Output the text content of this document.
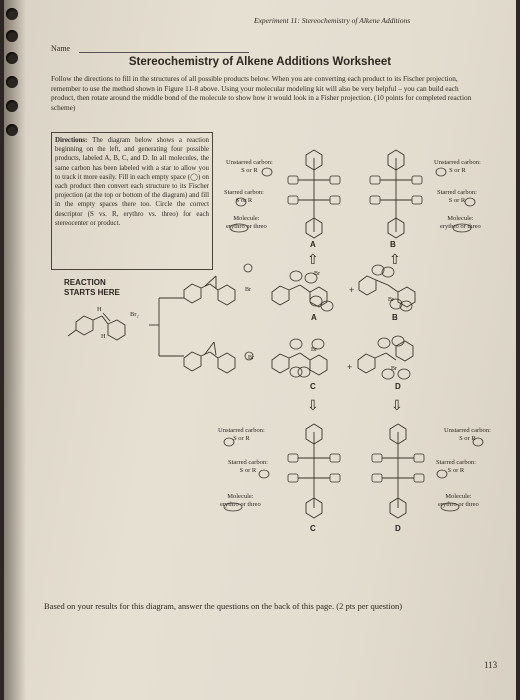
Experiment 11: Stereochemistry of Alkene Additions
Name
Stereochemistry of Alkene Additions Worksheet
Follow the directions to fill in the structures of all possible products below. When you are converting each product to its Fischer projection, remember to use the method shown in Figure 11-8 above. Using your molecular modeling kit will also be very helpful – you can build each product, then rotate around the middle bond of the molecule to show how it would look in a Fisher projection. (10 points for completed reaction scheme)
Directions: The diagram below shows a reaction beginning on the left, and generating four possible products, labeled A, B, C, and D. In all molecules, the same carbon has been labeled with a star to allow you to track it more easily. Fill in each empty space (◯) on each product then convert each structure to its Fischer projection (at the top or bottom of the diagram) and fill in the empty spaces there too. Circle the correct descriptor (S vs. R, erythro vs. threo) for each stereocenter or product.
REACTION
STARTS HERE	+
+
H
H
Br₂
Br
Br
Br
Br
Br
Br
Unstarred carbon:
S or R
Starred carbon:
S or R
Molecule:
erythro or threo
Unstarred carbon:
S or R
Starred carbon:
S or R
Molecule:
erythro or threo
Unstarred carbon:
S or R
Starred carbon:
S or R
Molecule:
erythro or threo
Unstarred carbon:
S or R
Starred carbon:
S or R
Molecule:
erythro or threo
A	B
A	B
C	D
C	D
⇧	⇧
⇩	⇩
Based on your results for this diagram, answer the questions on the back of this page. (2 pts per question)
113
